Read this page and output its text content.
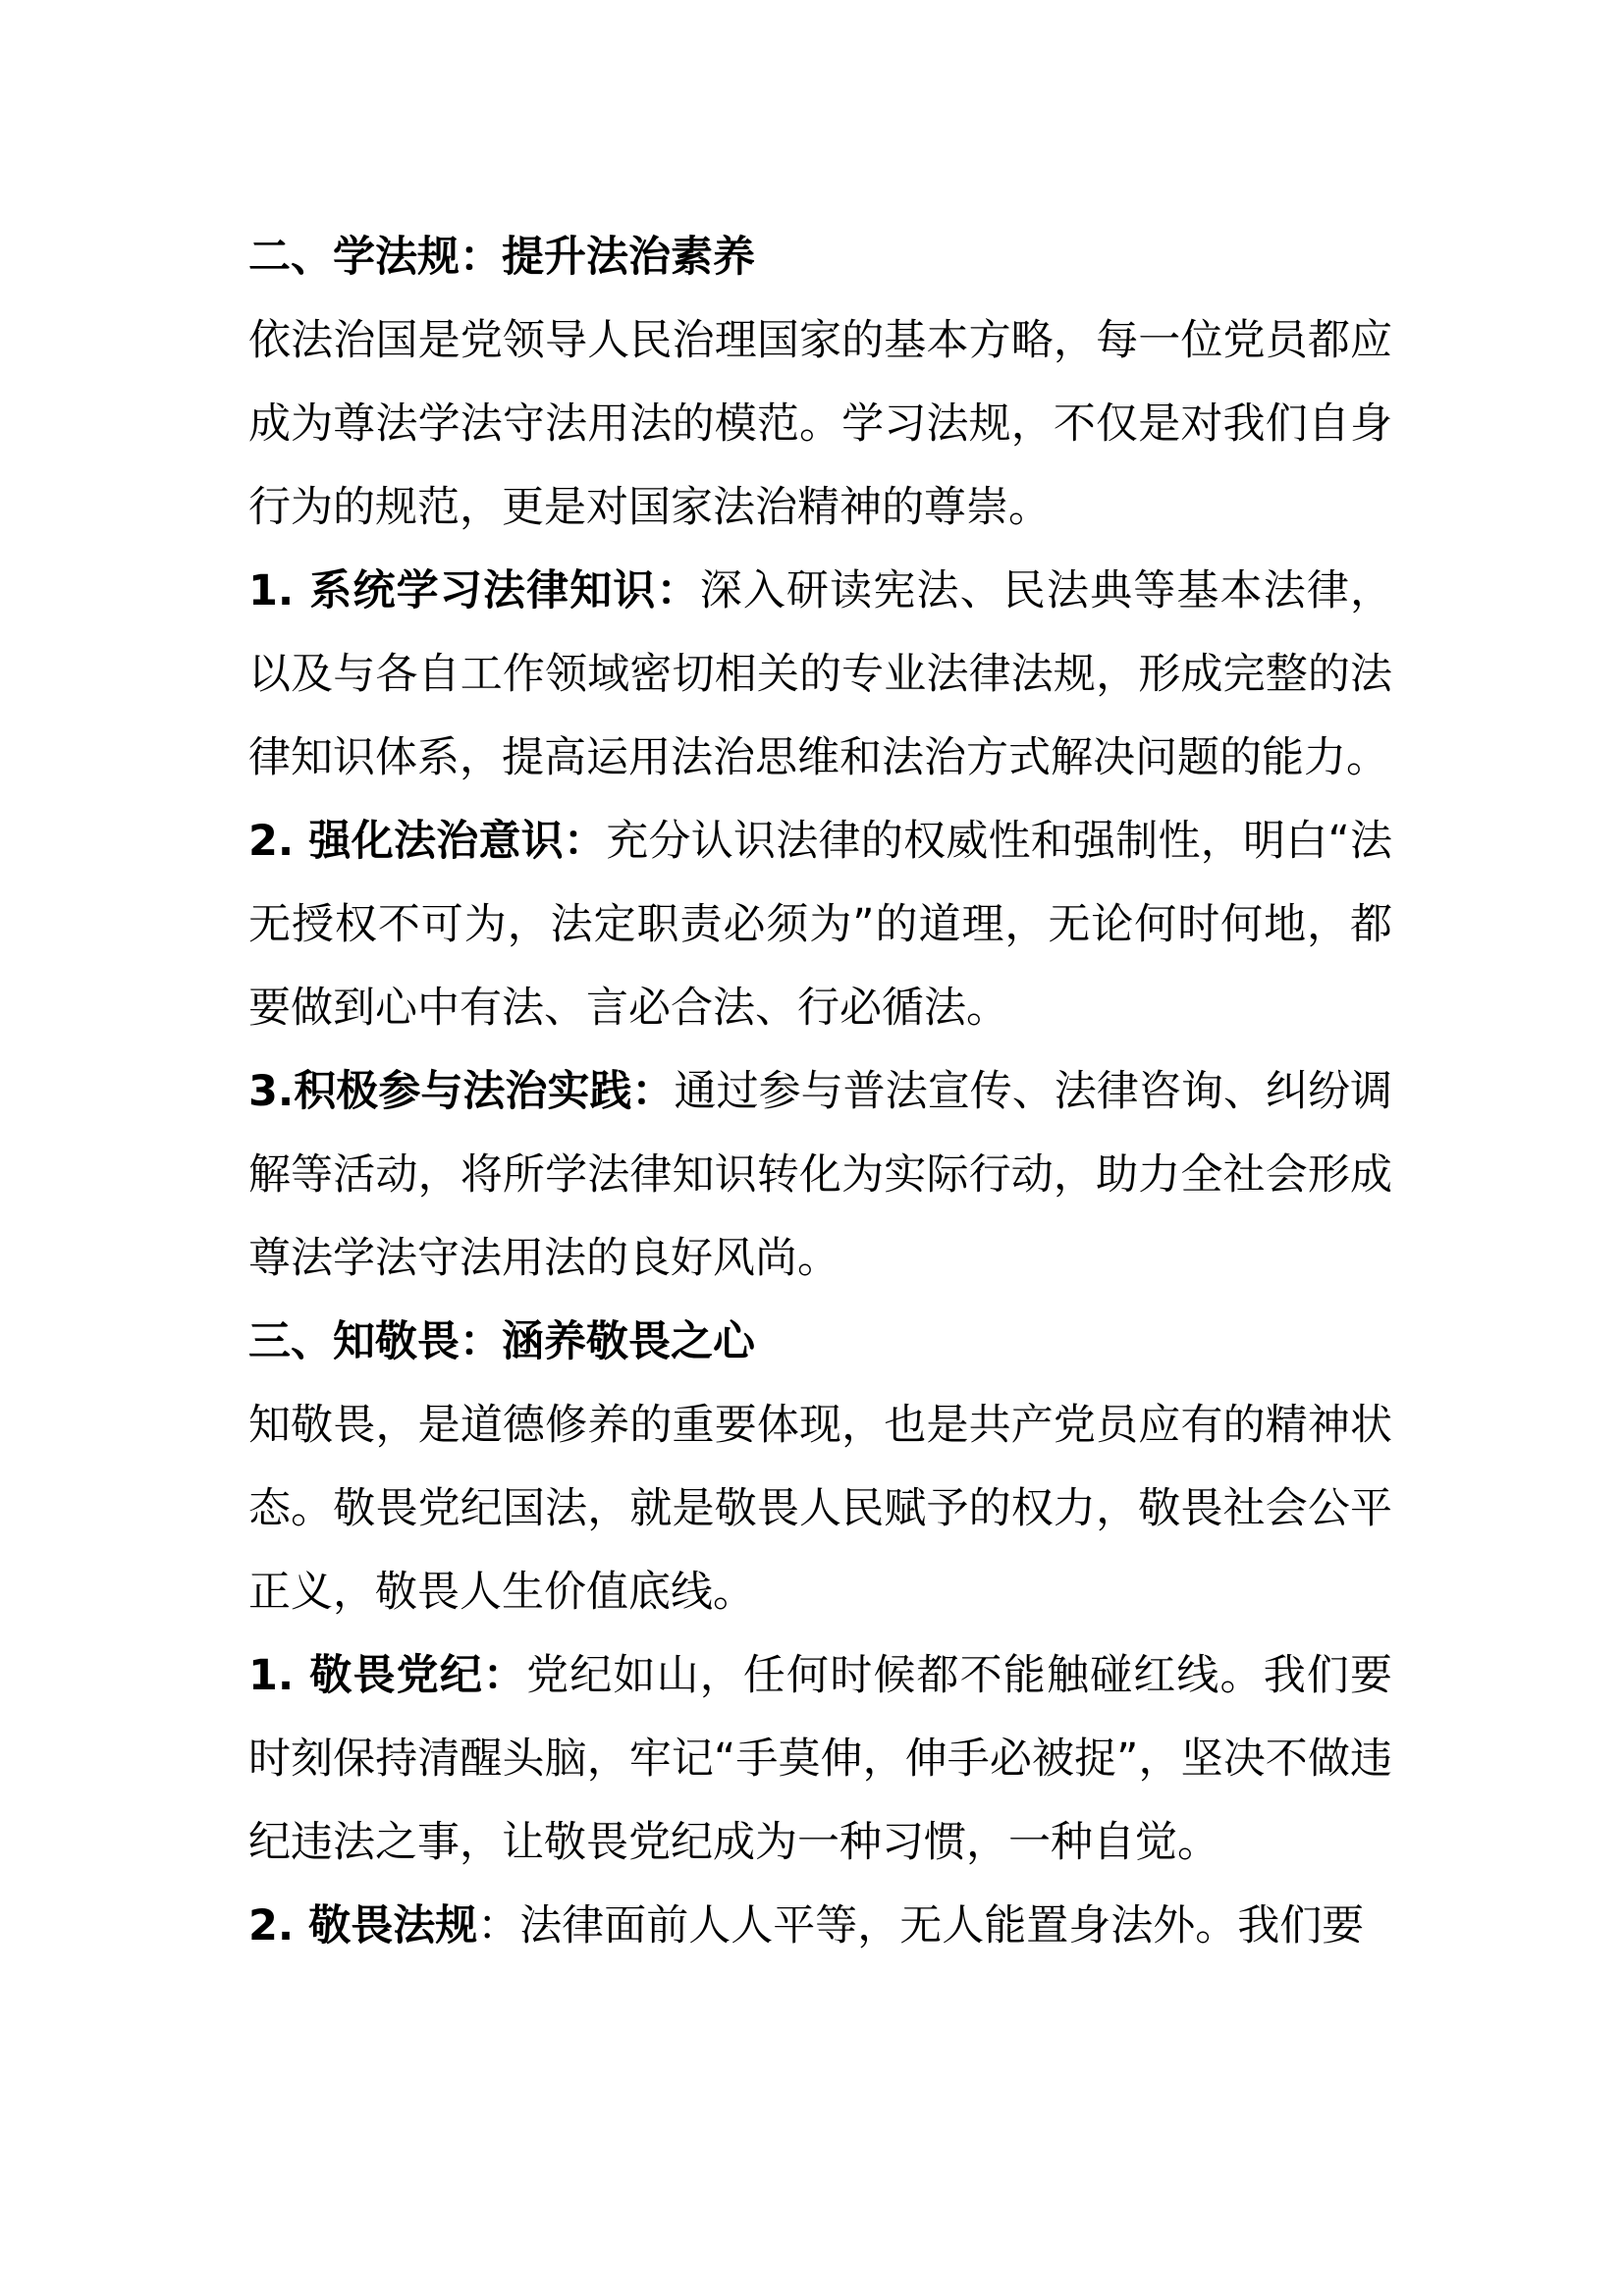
二、学法规：提升法治素养

依法治国是党领导人民治理国家的基本方略，每一位党员都应成为尊法学法守法用法的模范。学习法规，不仅是对我们自身行为的规范，更是对国家法治精神的尊崇。

1. 系统学习法律知识：深入研读宪法、民法典等基本法律，以及与各自工作领域密切相关的专业法律法规，形成完整的法律知识体系，提高运用法治思维和法治方式解决问题的能力。

2. 强化法治意识：充分认识法律的权威性和强制性，明白“法无授权不可为，法定职责必须为”的道理，无论何时何地，都要做到心中有法、言必合法、行必循法。

3.积极参与法治实践：通过参与普法宣传、法律咨询、纠纷调解等活动，将所学法律知识转化为实际行动，助力全社会形成尊法学法守法用法的良好风尚。

三、知敬畏：涵养敬畏之心

知敬畏，是道德修养的重要体现，也是共产党员应有的精神状态。敬畏党纪国法，就是敬畏人民赋予的权力，敬畏社会公平正义，敬畏人生价值底线。

1. 敬畏党纪：党纪如山，任何时候都不能触碰红线。我们要时刻保持清醒头脑，牢记“手莫伸，伸手必被捉”，坚决不做违纪违法之事，让敬畏党纪成为一种习惯，一种自觉。

2. 敬畏法规：法律面前人人平等，无人能置身法外。我们要
